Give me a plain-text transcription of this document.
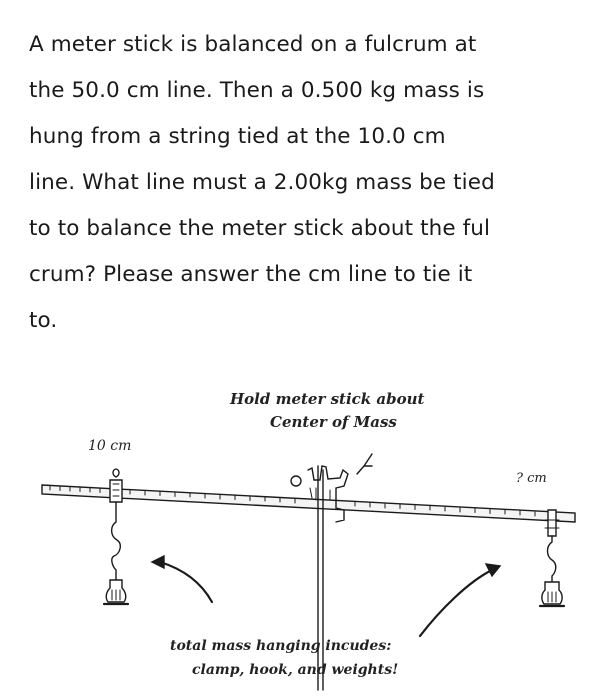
A meter stick is balanced on a fulcrum at
the 50.0 cm line. Then a 0.500 kg mass is
hung from a string tied at the 10.0 cm
line. What line must a 2.00kg mass be tied
to to balance the meter stick about the ful
crum? Please answer the cm line to tie it
to.
Hold meter stick about
Center of Mass
10 cm
? cm
total mass hanging incudes:
clamp, hook, and weights!
